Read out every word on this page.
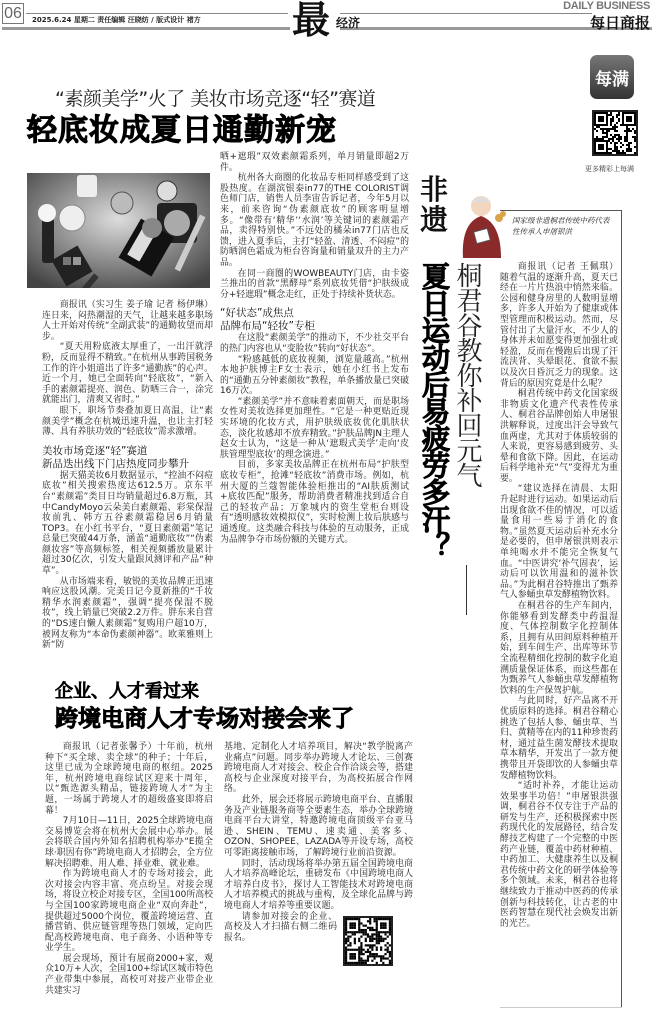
06	2025.6.24 星期二 责任编辑 汪晓纺 / 版式设计 褚方 最 经济
DAILY BUSINESS
每日商报
每满
更多精彩上每满
“素颜美学”火了 美妆市场竞逐“轻”赛道
轻底妆成夏日通勤新宠

商报讯（实习生 姜子瑜 记者 杨伊琳）连日来，闷热潮湿的天气，让越来越多职场人士开始对传统“全副武装”的通勤妆望而却步。

“夏天用粉底液太厚重了，一出汗就浮粉，反而显得不精致。”在杭州从事跨国税务工作的许小姐道出了许多“通勤族”的心声。近一个月，她已全面转向“轻底妆”，“新入手的素颜霜提亮、润色、防晒三合一，涂完就能出门，清爽又省时。”

眼下，职场节奏叠加夏日高温，让“素颜美学”概念在杭城迅速升温，也让主打轻薄、具有养肤功效的“轻底妆”需求激增。

美妆市场竞逐“轻”赛道

新品迭出线下门店热度同步攀升

据天猫美妆6月数据显示，“控油不闷痘底妆”相关搜索热度达612.5万。京东平台“素颜霜”类目日均销量超过6.8万瓶，其中CandyMoyo云朵美白素颜霜、彩棠保湿妆前乳、韩方五谷素颜霜稳居6月销量TOP3。在小红书平台，“夏日素颜霜”笔记总量已突破44万条，涵盖“通勤底妆”“伪素颜妆容”等高频标签，相关视频播放量累计超过30亿次，引发大量跟风测评和产品“种草”。

从市场端来看，敏锐的美妆品牌正迅速响应这股风潮。完美日记今夏新推的“千妆精华水润素颜霜”，强调“提亮保湿不脱妆”，线上销量已突破2.2万件。胖东来自营的“DS速白懒人素颜霜”复购用户超10万，被网友称为“本命伪素颜神器”。欧莱雅则上新“防

晒+遮瑕”双效素颜霜系列，单月销量即超2万件。

杭州各大商圈的化妆品专柜同样感受到了这股热度。在湖滨银泰in77的THE COLORIST调色师门店，销售人员李宙告诉记者，今年5月以来，前来咨询“伪素颜底妆”的顾客明显增多。“像带有‘精华’‘水润’等关键词的素颜霜产品，卖得特别快。”不远处的橘朵in77门店也反馈，进入夏季后，主打“轻盈、清透、不闷痘”的防晒润色霜成为柜台咨询量和销量双升的主力产品。

在同一商圈的WOWBEAUTY门店，由卡姿兰推出的首款“黑酵母”系列底妆凭借“护肤级成分+轻遮瑕”概念走红，正处于持续补货状态。

“好状态”成焦点

品牌布局“轻妆”专柜

在这股“素颜美学”的推动下，不少社交平台的热门内容也从“变脸妆”转向“好状态”。

“粉感越低的底妆视频，浏览量越高。”杭州本地护肤博主F女士表示，她在小红书上发布的“通勤五分钟素颜妆”教程，单条播放量已突破16万次。

“素颜美学”并不意味着素面朝天，而是职场女性对美妆选择更加理性。“它是一种更贴近现实环境的化妆方式，用护肤级底妆优化肌肤状态，淡化妆感却不放弃精致。”护肤品牌JN主理人赵女士认为，“这是一种从‘遮瑕式美学’走向‘皮肤管理型底妆’的理念演进。”

目前，多家美妆品牌正在杭州布局“护肤型底妆专柜”，抢滩“轻底妆”消费市场。例如，杭州大厦的兰蔻智能体验柜推出的“AI肤质测试+底妆匹配”服务，帮助消费者精准找到适合自己的轻妆产品；万象城内的资生堂柜台则设有“透明感妆效模拟仪”，实时检测上妆后肤感与通透度。这类融合科技与体验的互动服务，正成为品牌争夺市场份额的关键方式。

非遗	国家级非遗桐君传统中药代表性传承人申屠银洪
夏日运动后易疲劳多汗？ 桐君谷教你补回元气	商报讯（记者 王佩琪）随着气温的逐渐升高，夏天已经在一片片热浪中悄然来临。公园和健身房里的人数明显增多，许多人开始为了健康或体型管理而积极运动。然而，尽管付出了大量汗水，不少人的身体并未如愿变得更加强壮或轻盈，反而在慢跑后出现了汗流浃背、头晕眼花、食欲不振以及次日昏沉乏力的现象。这背后的原因究竟是什么呢？

桐君传统中药文化国家级非物质文化遗产代表性传承人、桐君谷品牌创始人申屠银洪解释说，过度出汗会导致气血两虚，尤其对于体质较弱的人来说，更容易感到疲劳、头晕和食欲下降。因此，在运动后科学地补充“气”变得尤为重要。

“建议选择在清晨、太阳升起时进行运动。如果运动后出现食欲不佳的情况，可以适量食用一些易于消化的食物。”虽然夏天运动后补充水分是必要的，但申屠银洪则表示单纯喝水并不能完全恢复气血。“中医讲究‘补气固表’，运动后可以饮用温和的滋补饮品。”为此桐君谷特推出了甄养气人参蛹虫草发酵植物饮料。

在桐君谷的生产车间内，你能够看到发酵类中药温湿度、气体控制数字化控制体系，且拥有从田间原料种植开始，到车间生产、出库等环节全流程精细化控制的数字化追溯质量保证体系，而这些都在为甄养气人参蛹虫草发酵植物饮料的生产保驾护航。

与此同时，好产品离不开优质原料的选择。桐君谷精心挑选了包括人参、蛹虫草、当归、黄精等在内的11种珍贵药材，通过益生菌发酵技术提取草本精华，开发出了一款方便携带且开袋即饮的人参蛹虫草发酵植物饮料。

“适时补养，才能让运动效果事半功倍！”申屠银洪强调，桐君谷不仅专注于产品的研发与生产，还积极探索中医药现代化的发展路径，结合发酵技艺构建了一个完整的中医药产业链，覆盖中药材种植、中药加工、大健康养生以及桐君传统中药文化的研学体验等多个领域。未来，桐君谷也将继续致力于推动中医药的传承创新与科技转化，让古老的中医药智慧在现代社会焕发出新的光芒。

企业、人才看过来
跨境电商人才专场对接会来了

商报讯（记者张馨予）十年前，杭州种下“买全球、卖全球”的种子；十年后，这里已成为全球跨境电商的枢纽。2025年，杭州跨境电商综试区迎来十周年，以“甄选源头精品，链接跨境人才”为主题，一场属于跨境人才的超级盛宴即将启幕！

7月10日—11日，2025全球跨境电商交易博览会将在杭州大会展中心举办。展会将联合国内外知名招聘机构举办“E揽全球·职因有你”跨境电商人才招聘会，全方位解决招聘难、用人难、择业难、就业难。

作为跨境电商人才的专场对接会，此次对接会内容丰富、亮点纷呈。对接会现场，将设立校企对接专区，全国100所高校与全国100家跨境电商企业“双向奔赴”，提供超过5000个岗位，覆盖跨境运营、直播营销、供应链管理等热门领域，定向匹配高校跨境电商、电子商务、小语种等专业学生。

展会现场，预计有展商2000+家，观众10万+人次，全国100+综试区城市特色产业带集中参展，高校可对接产业带企业共建实习

基地、定制化人才培养项目，解决“教学脱离产业痛点”问题。同步举办跨境人才论坛、三创赛跨境电商人才对接会、校企合作洽谈会等，搭建高校与企业深度对接平台，为高校拓展合作网络。

此外，展会还将展示跨境电商平台、直播服务及产业链服务商等全要素生态，举办全球跨境电商平台大讲堂，特邀跨境电商顶级平台亚马逊、SHEIN、TEMU、速卖通、美客多、OZON、SHOPEE、LAZADA等开设专场，高校可零距离接触市场，了解跨境行业前沿资源。

同时，活动现场将举办第五届全国跨境电商人才培养高峰论坛，重磅发布《中国跨境电商人才培养白皮书》，探讨人工智能技术对跨境电商人才培养模式的挑战与重构，及全球化品牌与跨境电商人才培养等重要议题。

请参加对接会的企业、高校及人才扫描右侧二维码报名。
